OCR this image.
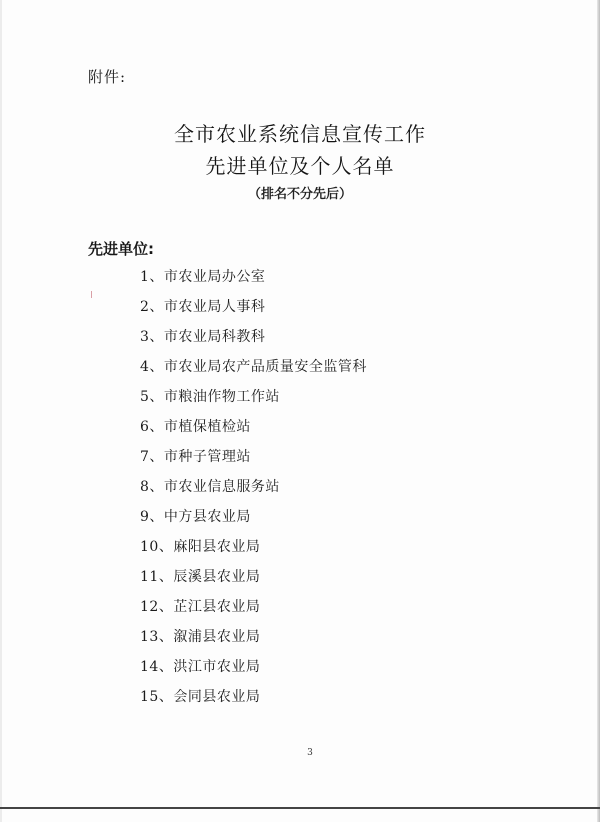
附件:
全市农业系统信息宣传工作
先进单位及个人名单
（排名不分先后）
先进单位:
1、市农业局办公室
2、市农业局人事科
3、市农业局科教科
4、市农业局农产品质量安全监管科
5、市粮油作物工作站
6、市植保植检站
7、市种子管理站
8、市农业信息服务站
9、中方县农业局
10、麻阳县农业局
11、辰溪县农业局
12、芷江县农业局
13、溆浦县农业局
14、洪江市农业局
15、会同县农业局
3
